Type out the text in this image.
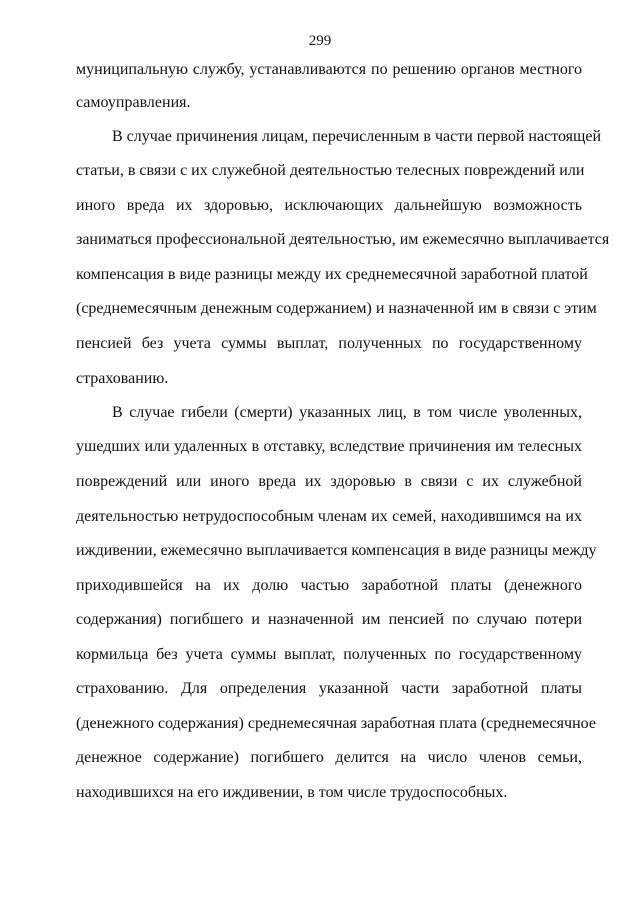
299
муниципальную службу, устанавливаются по решению органов местного
самоуправления.
В случае причинения лицам, перечисленным в части первой настоящей
статьи, в связи с их служебной деятельностью телесных повреждений или
иного вреда их здоровью, исключающих дальнейшую возможность
заниматься профессиональной деятельностью, им ежемесячно выплачивается
компенсация в виде разницы между их среднемесячной заработной платой
(среднемесячным денежным содержанием) и назначенной им в связи с этим
пенсией без учета суммы выплат, полученных по государственному
страхованию.
В случае гибели (смерти) указанных лиц, в том числе уволенных,
ушедших или удаленных в отставку, вследствие причинения им телесных
повреждений или иного вреда их здоровью в связи с их служебной
деятельностью нетрудоспособным членам их семей, находившимся на их
иждивении, ежемесячно выплачивается компенсация в виде разницы между
приходившейся на их долю частью заработной платы (денежного
содержания) погибшего и назначенной им пенсией по случаю потери
кормильца без учета суммы выплат, полученных по государственному
страхованию. Для определения указанной части заработной платы
(денежного содержания) среднемесячная заработная плата (среднемесячное
денежное содержание) погибшего делится на число членов семьи,
находившихся на его иждивении, в том числе трудоспособных.
